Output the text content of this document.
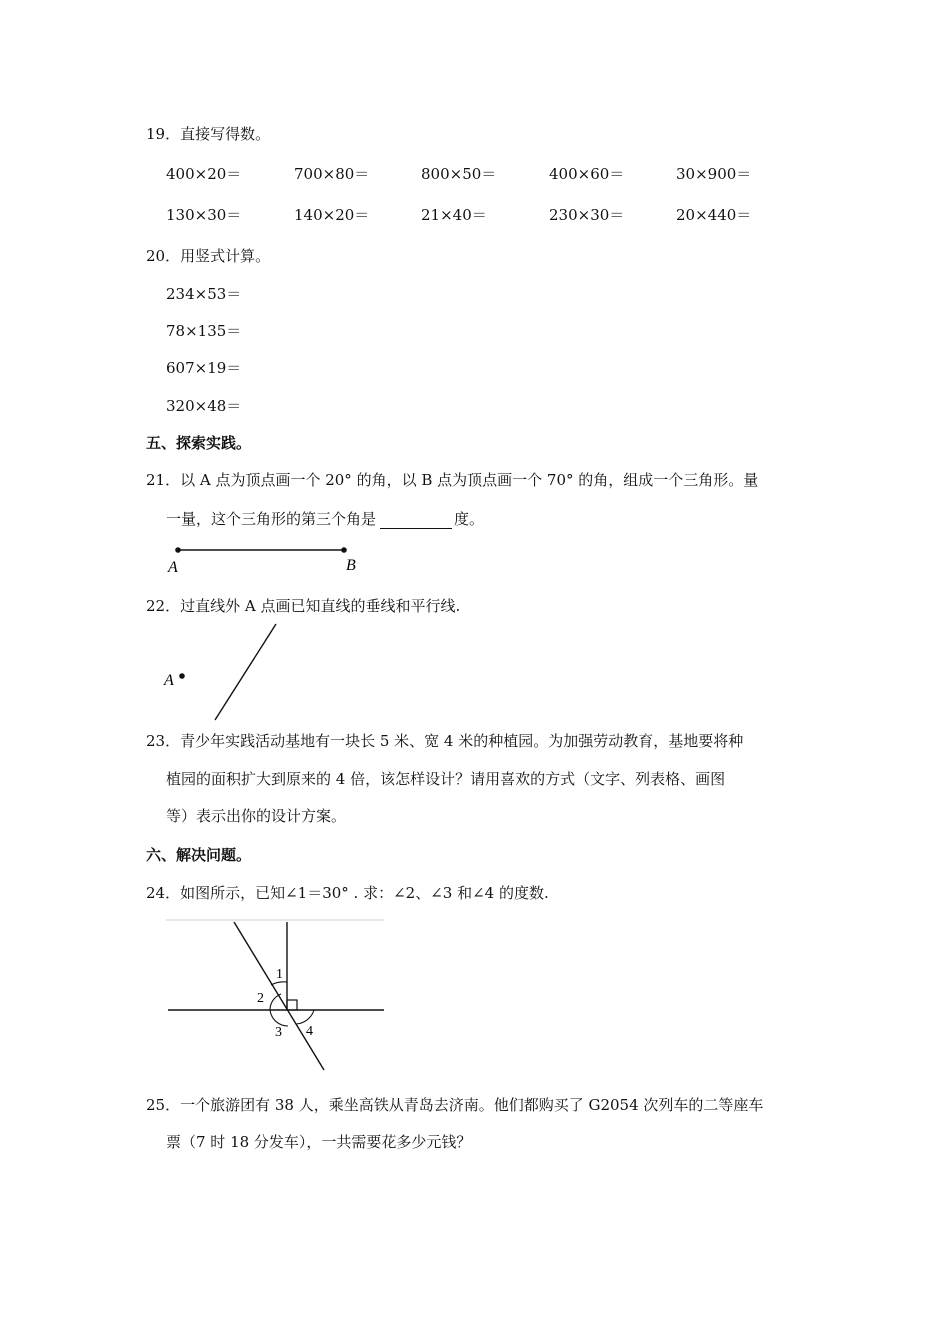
19．直接写得数。
400×20＝	700×80＝	800×50＝	400×60＝	30×900＝
130×30＝	140×20＝	21×40＝	230×30＝	20×440＝
20．用竖式计算。
234×53＝
78×135＝
607×19＝
320×48＝
五、探索实践。
21．以 A 点为顶点画一个 20° 的角，以 B 点为顶点画一个 70° 的角，组成一个三角形。量
一量，这个三角形的第三个角是	度。
A	B
22．过直线外 A 点画已知直线的垂线和平行线.
A
23．青少年实践活动基地有一块长 5 米、宽 4 米的种植园。为加强劳动教育，基地要将种
植园的面积扩大到原来的 4 倍，该怎样设计？请用喜欢的方式（文字、列表格、画图
等）表示出你的设计方案。
六、解决问题。
24．如图所示，已知∠1＝30° . 求：∠2、∠3 和∠4 的度数.
1
2
3 4
25．一个旅游团有 38 人，乘坐高铁从青岛去济南。他们都购买了 G2054 次列车的二等座车
票（7 时 18 分发车），一共需要花多少元钱？
